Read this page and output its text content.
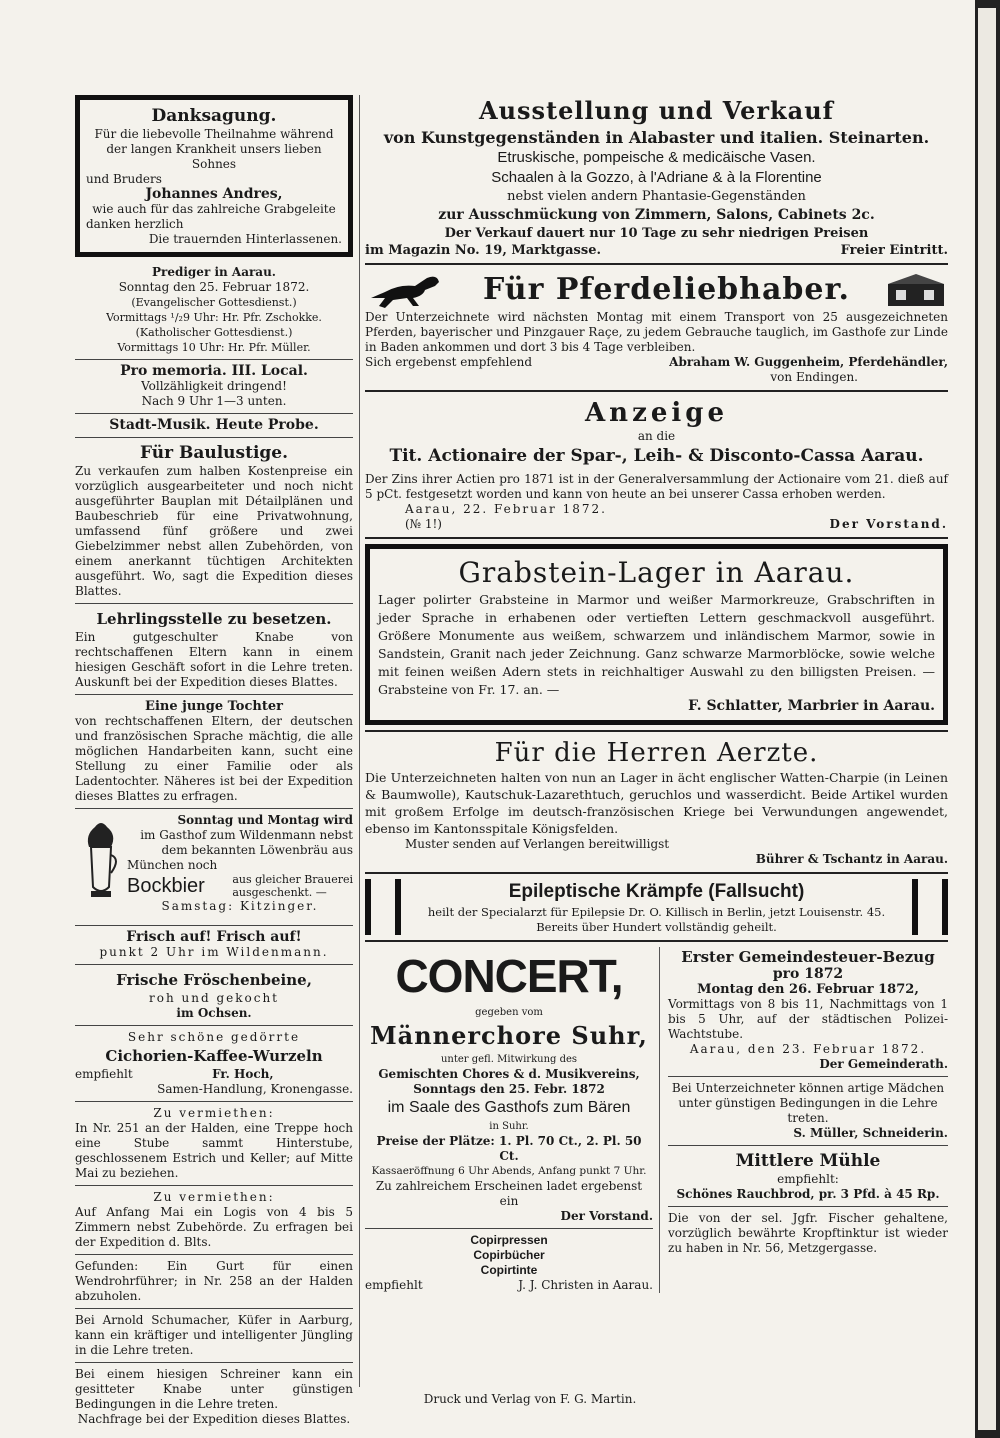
Danksagung.

Für die liebevolle Theilnahme während

der langen Krankheit unsers lieben Sohnes

und Bruders

Johannes Andres,

wie auch für das zahlreiche Grabgeleite

danken herzlich

Die trauernden Hinterlassenen.

Prediger in Aarau.

Sonntag den 25. Februar 1872.

(Evangelischer Gottesdienst.)

Vormittags ¹/₂9 Uhr: Hr. Pfr. Zschokke.

(Katholischer Gottesdienst.)

Vormittags 10 Uhr: Hr. Pfr. Müller.

Pro memoria. III. Local.

Vollzähligkeit dringend!

Nach 9 Uhr 1—3 unten.

Stadt-Musik. Heute Probe.

Für Baulustige.

Zu verkaufen zum halben Kostenpreise ein vorzüglich ausgearbeiteter und noch nicht ausgeführter Bauplan mit Détailplänen und Baubeschrieb für eine Privatwohnung, umfassend fünf größere und zwei Giebelzimmer nebst allen Zubehörden, von einem anerkannt tüchtigen Architekten ausgeführt. Wo, sagt die Expedition dieses Blattes.

Lehrlingsstelle zu besetzen.

Ein gutgeschulter Knabe von rechtschaffenen Eltern kann in einem hiesigen Geschäft sofort in die Lehre treten. Auskunft bei der Expedition dieses Blattes.

Eine junge Tochter

von rechtschaffenen Eltern, der deutschen und französischen Sprache mächtig, die alle möglichen Handarbeiten kann, sucht eine Stellung zu einer Familie oder als Ladentochter. Näheres ist bei der Expedition dieses Blattes zu erfragen.

Sonntag und Montag wird

im Gasthof zum Wildenmann nebst

dem bekannten Löwenbräu aus

München noch

Bockbier	aus gleicher Brauerei
ausgeschenkt. —

Samstag: Kitzinger.

Frisch auf! Frisch auf!

punkt 2 Uhr im Wildenmann.

Frische Fröschenbeine,

roh und gekocht

im Ochsen.

Sehr schöne gedörrte

Cichorien-Kaffee-Wurzeln

empfiehlt	Fr. Hoch,

Samen-Handlung, Kronengasse.

Zu vermiethen:

In Nr. 251 an der Halden, eine Treppe hoch eine Stube sammt Hinterstube, geschlossenem Estrich und Keller; auf Mitte Mai zu beziehen.

Zu vermiethen:

Auf Anfang Mai ein Logis von 4 bis 5 Zimmern nebst Zubehörde. Zu erfragen bei der Expedition d. Blts.

Gefunden: Ein Gurt für einen Wendrohrführer; in Nr. 258 an der Halden abzuholen.

Bei Arnold Schumacher, Küfer in Aarburg, kann ein kräftiger und intelligenter Jüngling in die Lehre treten.

Bei einem hiesigen Schreiner kann ein gesitteter Knabe unter günstigen Bedingungen in die Lehre treten.

Nachfrage bei der Expedition dieses Blattes.

Ausstellung und Verkauf

von Kunstgegenständen in Alabaster und italien. Steinarten.

Etruskische, pompeische & medicäische Vasen.

Schaalen à la Gozzo, à l'Adriane & à la Florentine

nebst vielen andern Phantasie-Gegenständen

zur Ausschmückung von Zimmern, Salons, Cabinets 2c.

Der Verkauf dauert nur 10 Tage zu sehr niedrigen Preisen

im Magazin No. 19, Marktgasse.	Freier Eintritt.
Für Pferdeliebhaber.

Der Unterzeichnete wird nächsten Montag mit einem Transport von 25 ausgezeichneten Pferden, bayerischer und Pinzgauer Raçe, zu jedem Gebrauche tauglich, im Gasthofe zur Linde in Baden ankommen und dort 3 bis 4 Tage verbleiben.

Sich ergebenst empfehlend	Abraham W. Guggenheim, Pferdehändler,

von Endingen.

Anzeige

an die

Tit. Actionaire der Spar-, Leih- & Disconto-Cassa Aarau.

Der Zins ihrer Actien pro 1871 ist in der Generalversammlung der Actionaire vom 21. dieß auf 5 pCt. festgesetzt worden und kann von heute an bei unserer Cassa erhoben werden.

Aarau, 22. Februar 1872.

(№ 1!)	Der Vorstand.

Grabstein-Lager in Aarau.

Lager polirter Grabsteine in Marmor und weißer Marmorkreuze, Grabschriften in jeder Sprache in erhabenen oder vertieften Lettern geschmackvoll ausgeführt. Größere Monumente aus weißem, schwarzem und inländischem Marmor, sowie in Sandstein, Granit nach jeder Zeichnung. Ganz schwarze Marmorblöcke, sowie welche mit feinen weißen Adern stets in reichhaltiger Auswahl zu den billigsten Preisen. — Grabsteine von Fr. 17. an. —

F. Schlatter, Marbrier in Aarau.

Für die Herren Aerzte.

Die Unterzeichneten halten von nun an Lager in ächt englischer Watten-Charpie (in Leinen & Baumwolle), Kautschuk-Lazarethtuch, geruchlos und wasserdicht. Beide Artikel wurden mit großem Erfolge im deutsch-französischen Kriege bei Verwundungen angewendet, ebenso im Kantonsspitale Königsfelden.

Muster senden auf Verlangen bereitwilligst

Bührer & Tschantz in Aarau.

Epileptische Krämpfe (Fallsucht)

heilt der Specialarzt für Epilepsie Dr. O. Killisch in Berlin, jetzt Louisenstr. 45.

Bereits über Hundert vollständig geheilt.

CONCERT,

gegeben vom

Männerchore Suhr,

unter gefl. Mitwirkung des

Gemischten Chores & d. Musikvereins,

Sonntags den 25. Febr. 1872

im Saale des Gasthofs zum Bären

in Suhr.

Preise der Plätze: 1. Pl. 70 Ct., 2. Pl. 50 Ct.

Kassaeröffnung 6 Uhr Abends, Anfang punkt 7 Uhr.

Zu zahlreichem Erscheinen ladet ergebenst ein

Der Vorstand.

Copirpressen

Copirbücher

Copirtinte

empfiehlt	J. J. Christen in Aarau.

Erster Gemeindesteuer-Bezug

pro 1872

Montag den 26. Februar 1872,

Vormittags von 8 bis 11, Nachmittags von 1 bis 5 Uhr, auf der städtischen Polizei-Wachtstube.

Aarau, den 23. Februar 1872.

Der Gemeinderath.

Bei Unterzeichneter können artige Mädchen unter günstigen Bedingungen in die Lehre treten.

S. Müller, Schneiderin.

Mittlere Mühle

empfiehlt:

Schönes Rauchbrod, pr. 3 Pfd. à 45 Rp.

Die von der sel. Jgfr. Fischer gehaltene, vorzüglich bewährte Kropftinktur ist wieder zu haben in Nr. 56, Metzgergasse.

Druck und Verlag von F. G. Martin.
